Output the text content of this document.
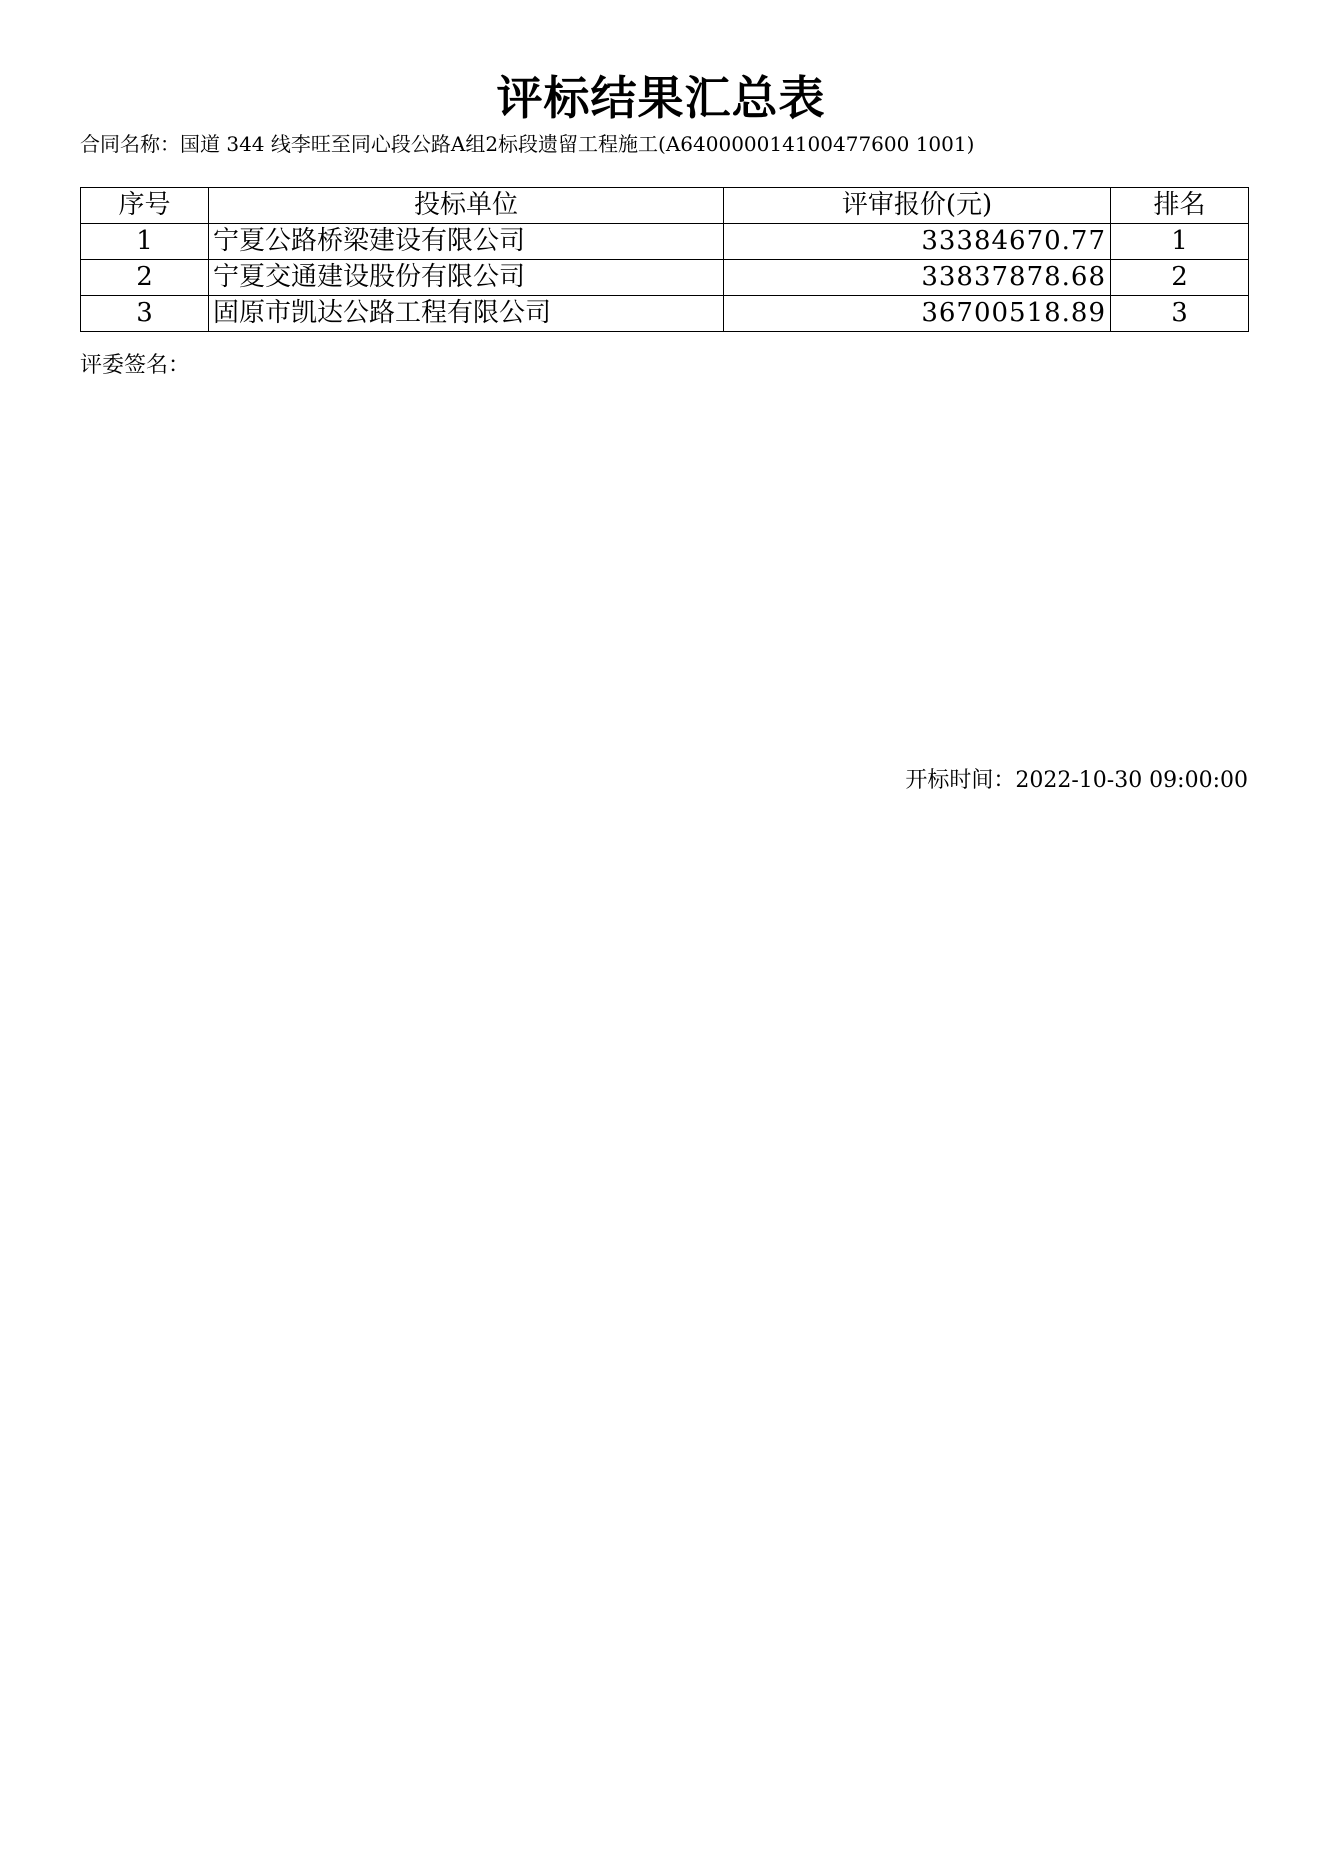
评标结果汇总表
合同名称：国道 344 线李旺至同心段公路A组2标段遗留工程施工(A640000014100477600 1001)
序号	投标单位	评审报价(元)	排名
1	宁夏公路桥梁建设有限公司	33384670.77	1
2	宁夏交通建设股份有限公司	33837878.68	2
3	固原市凯达公路工程有限公司	36700518.89	3
评委签名：
开标时间：2022-10-30 09:00:00
